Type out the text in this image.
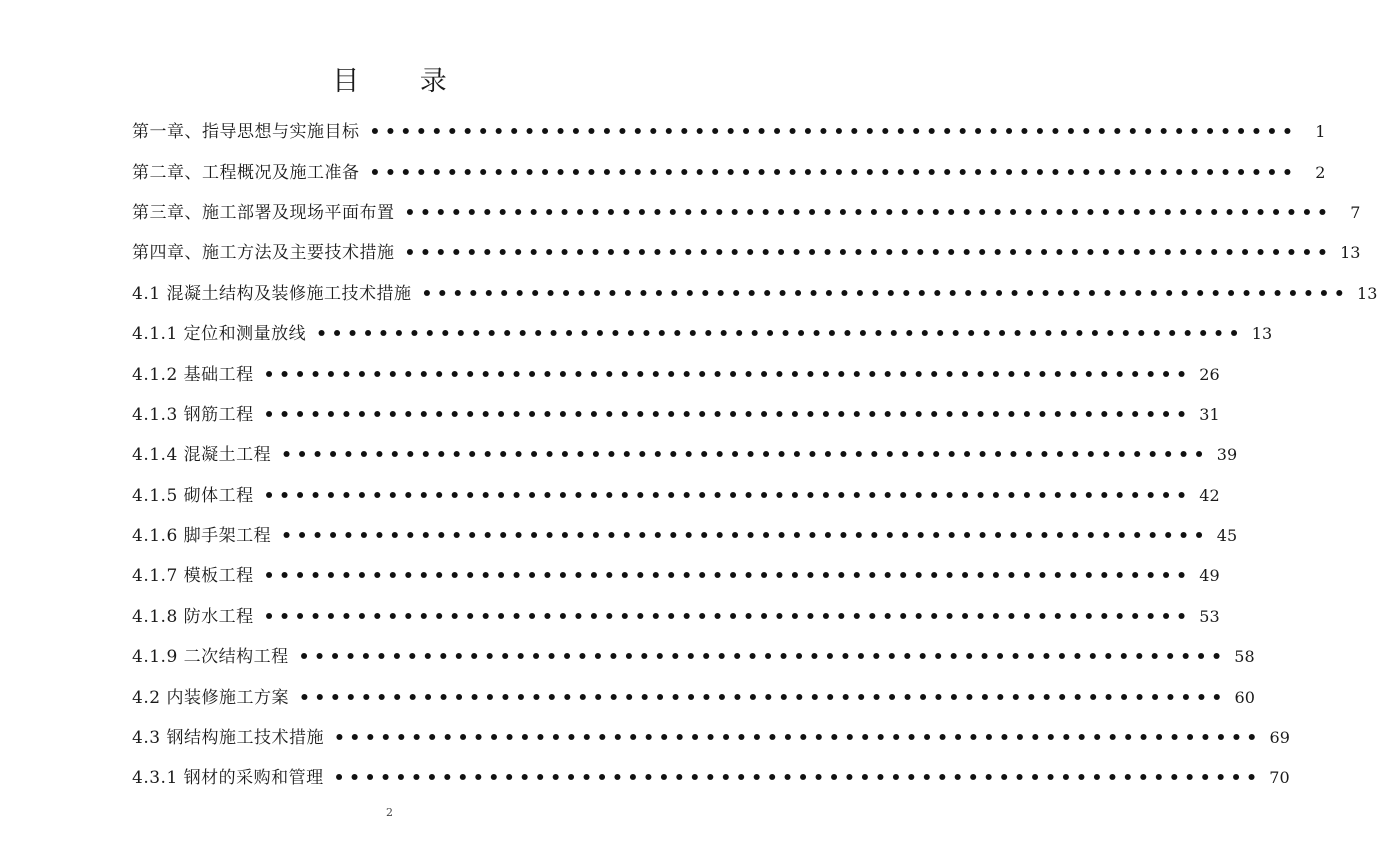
目 录
第一章、指导思想与实施目标 ••••••••••••••••••••••••••••••••••••••••••••••••••••••••••••	1
第二章、工程概况及施工准备 ••••••••••••••••••••••••••••••••••••••••••••••••••••••••••••	2
第三章、施工部署及现场平面布置 ••••••••••••••••••••••••••••••••••••••••••••••••••••••••••••	7
第四章、施工方法及主要技术措施 •••••••••••••••••••••••••••••••••••••••••••••••••••••••••••• 13
4.1 混凝土结构及装修施工技术措施 •••••••••••••••••••••••••••••••••••••••••••••••••••••••••••• 13
4.1.1 定位和测量放线 •••••••••••••••••••••••••••••••••••••••••••••••••••••••••••• 13
4.1.2 基础工程 •••••••••••••••••••••••••••••••••••••••••••••••••••••••••••• 26
4.1.3 钢筋工程 •••••••••••••••••••••••••••••••••••••••••••••••••••••••••••• 31
4.1.4 混凝土工程 •••••••••••••••••••••••••••••••••••••••••••••••••••••••••••• 39
4.1.5 砌体工程 •••••••••••••••••••••••••••••••••••••••••••••••••••••••••••• 42
4.1.6 脚手架工程 •••••••••••••••••••••••••••••••••••••••••••••••••••••••••••• 45
4.1.7 模板工程 •••••••••••••••••••••••••••••••••••••••••••••••••••••••••••• 49
4.1.8 防水工程 •••••••••••••••••••••••••••••••••••••••••••••••••••••••••••• 53
4.1.9 二次结构工程 •••••••••••••••••••••••••••••••••••••••••••••••••••••••••••• 58
4.2 内装修施工方案 •••••••••••••••••••••••••••••••••••••••••••••••••••••••••••• 60
4.3 钢结构施工技术措施 •••••••••••••••••••••••••••••••••••••••••••••••••••••••••••• 69
4.3.1 钢材的采购和管理 •••••••••••••••••••••••••••••••••••••••••••••••••••••••••••• 70
2
